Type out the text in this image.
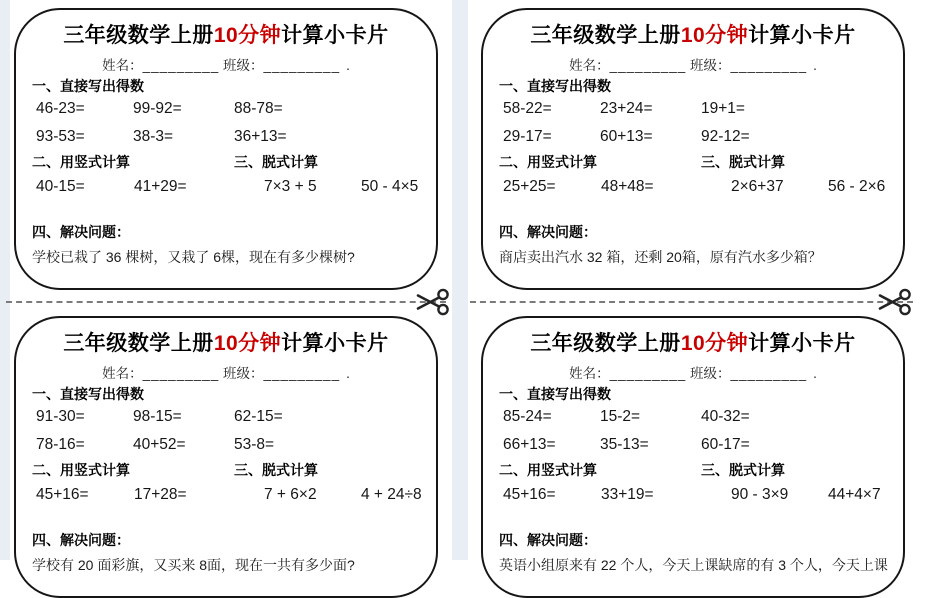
三年级数学上册10分钟计算小卡片
姓名：_________ 班级：_________ .
一、直接写出得数
46-23=	99-92=	88-78=
93-53=	38-3=	36+13=
二、用竖式计算	三、脱式计算
40-15=	41+29=	7×3 + 5	50 - 4×5
四、解决问题：
学校已栽了 36 棵树，又栽了 6棵，现在有多少棵树?
三年级数学上册10分钟计算小卡片
姓名：_________ 班级：_________ .
一、直接写出得数
58-22=	23+24=	19+1=
29-17=	60+13=	92-12=
二、用竖式计算	三、脱式计算
25+25=	48+48=	2×6+37	56 - 2×6
四、解决问题：
商店卖出汽水 32 箱，还剩 20箱，原有汽水多少箱？
三年级数学上册10分钟计算小卡片
姓名：_________ 班级：_________ .
一、直接写出得数
91-30=	98-15=	62-15=
78-16=	40+52=	53-8=
二、用竖式计算	三、脱式计算
45+16=	17+28=	7 + 6×2	4 + 24÷8
四、解决问题：
学校有 20 面彩旗，又买来 8面，现在一共有多少面?
三年级数学上册10分钟计算小卡片
姓名：_________ 班级：_________ .
一、直接写出得数
85-24=	15-2=	40-32=
66+13=	35-13=	60-17=
二、用竖式计算	三、脱式计算
45+16=	33+19=	90 - 3×9	44+4×7
四、解决问题：
英语小组原来有 22 个人，今天上课缺席的有 3 个人，今天上课
